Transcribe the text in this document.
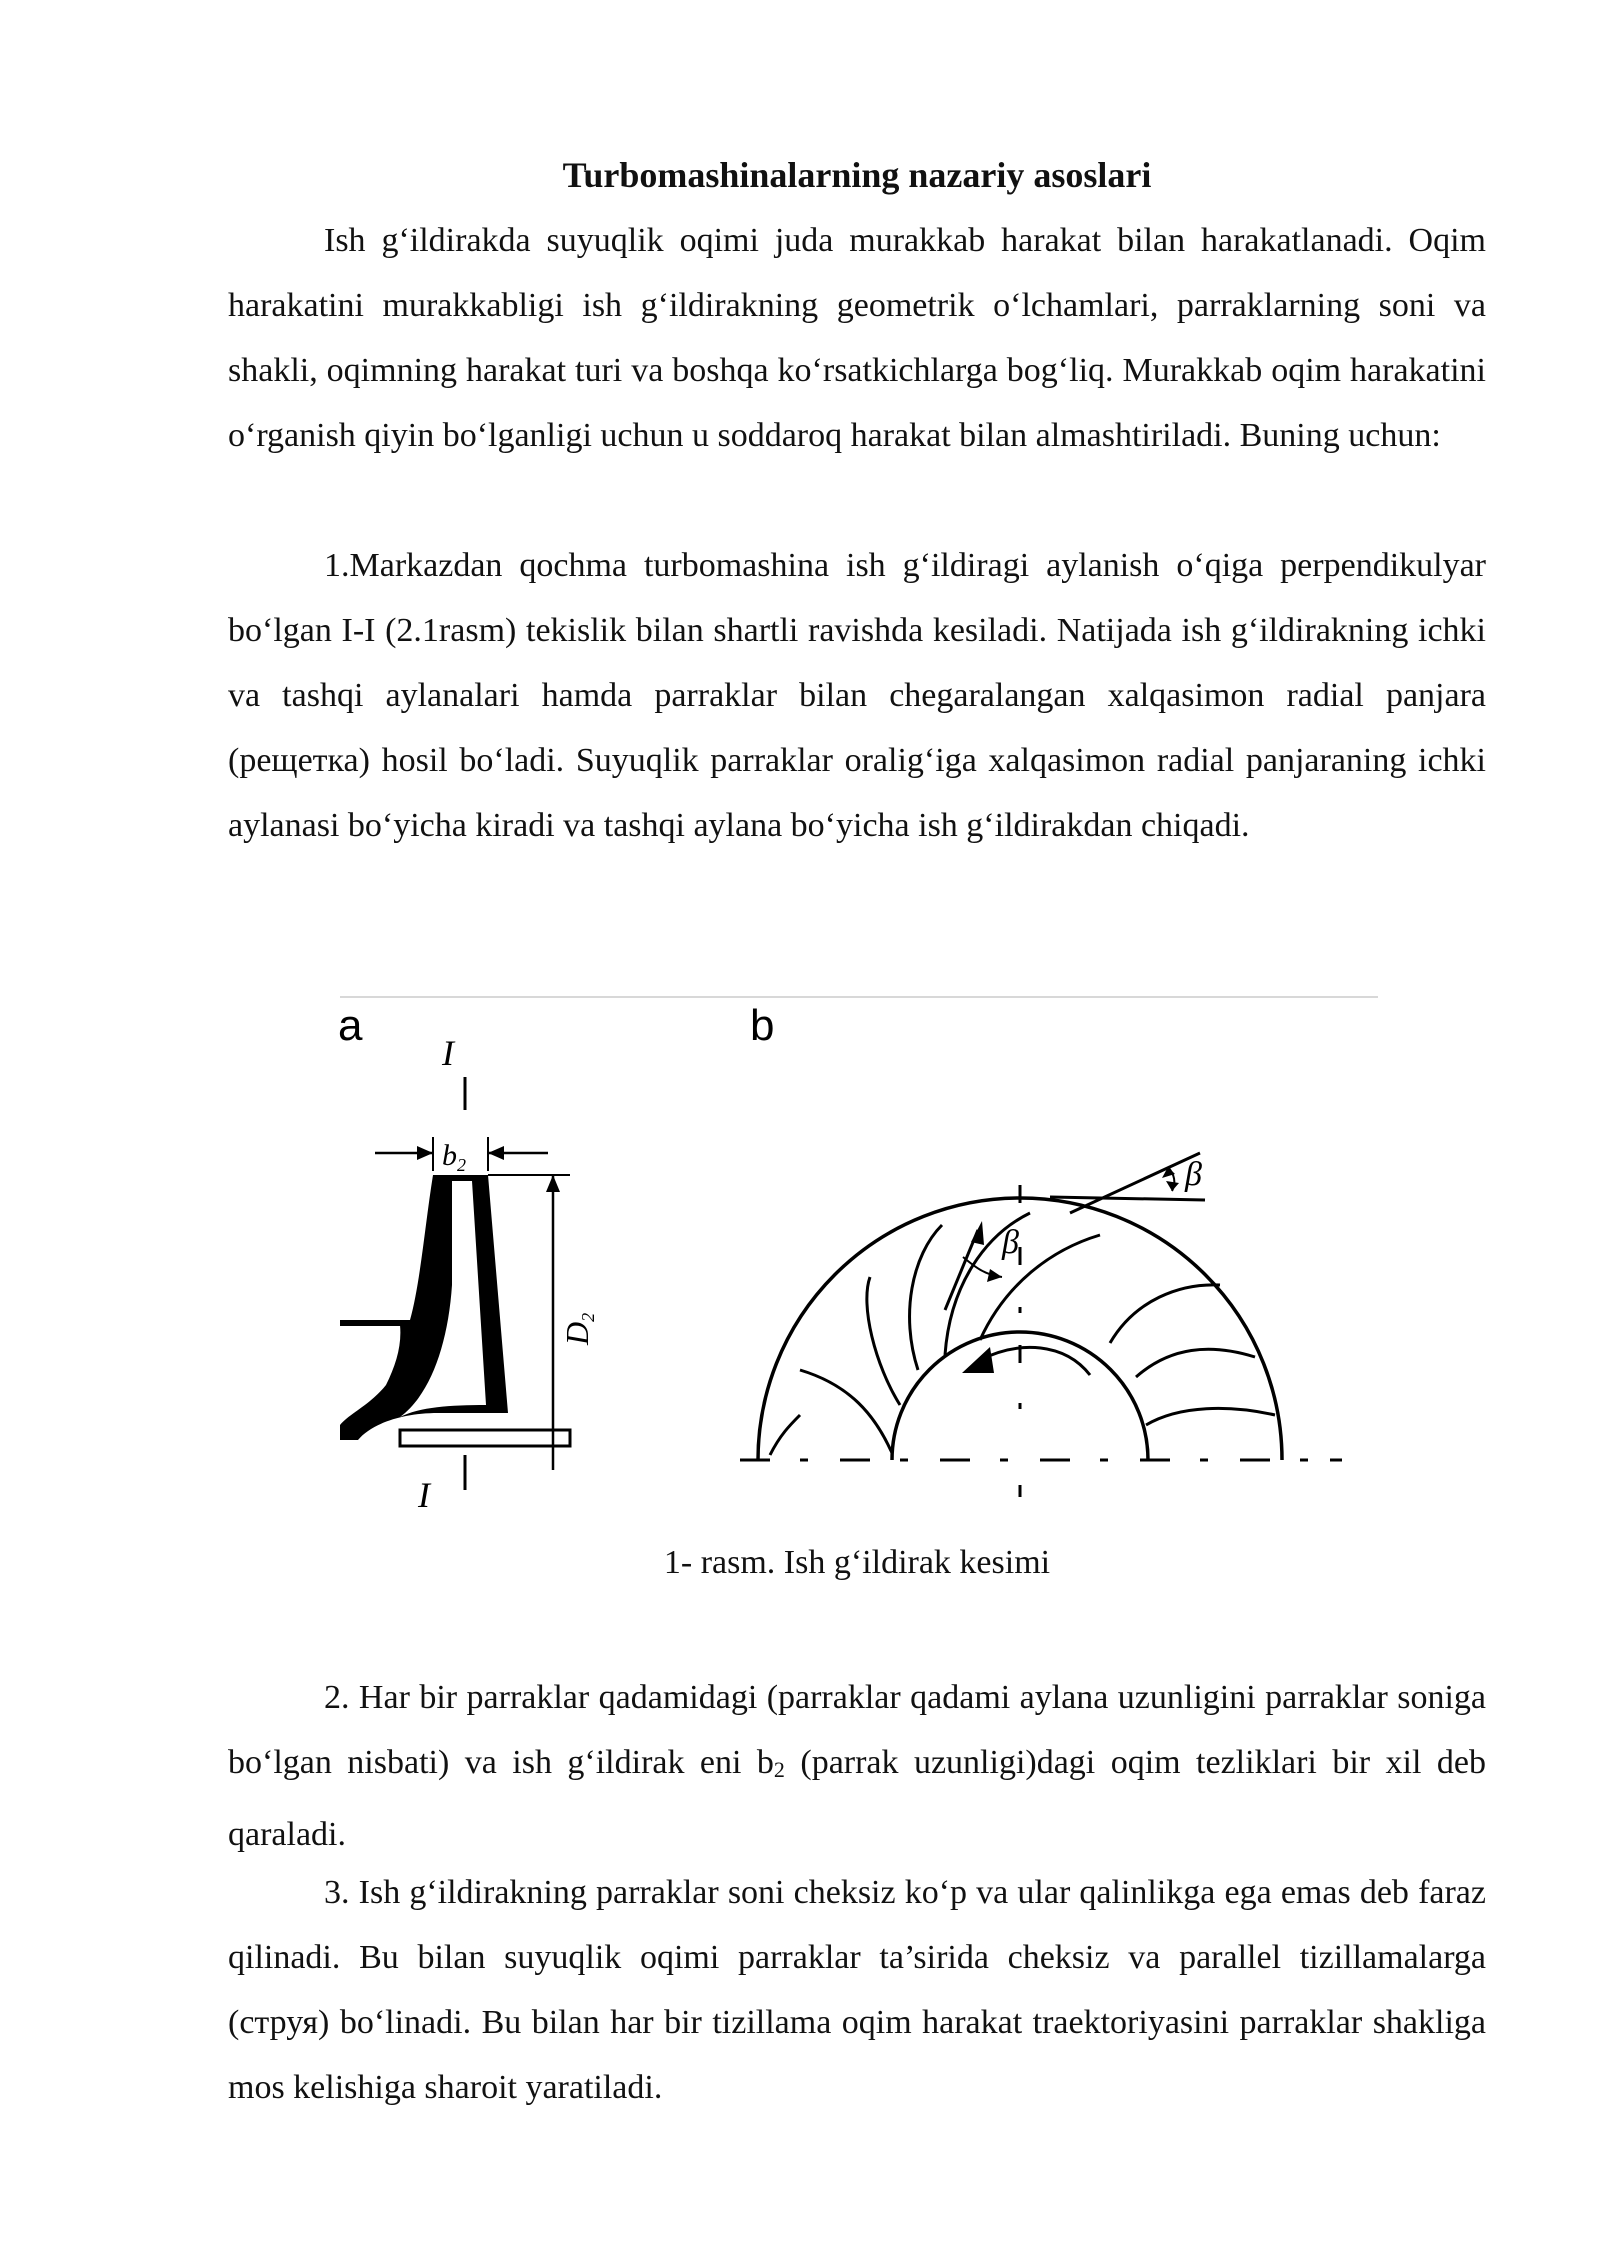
Turbomashinalarning nazariy asoslari

Ish g‘ildirakda suyuqlik oqimi juda murakkab harakat bilan harakatlanadi. Oqim harakatini murakkabligi ish g‘ildirakning geometrik o‘lchamlari, parraklarning soni va shakli, oqimning harakat turi va boshqa ko‘rsatkichlarga bog‘liq. Murakkab oqim harakatini o‘rganish qiyin bo‘lganligi uchun u soddaroq harakat bilan almashtiriladi. Buning uchun:

1.Markazdan qochma turbomashina ish g‘ildiragi aylanish o‘qiga perpendikulyar bo‘lgan I-I (2.1rasm) tekislik bilan shartli ravishda kesiladi. Natijada ish g‘ildirakning ichki va tashqi aylanalari hamda parraklar bilan chegaralangan xalqasimon radial panjara (рещетка) hosil bo‘ladi. Suyuqlik parraklar oralig‘iga xalqasimon radial panjaraning ichki aylanasi bo‘yicha kiradi va tashqi aylana bo‘yicha ish g‘ildirakdan chiqadi.

a
I
$b_2$
D2
I
b
β
β

1- rasm. Ish g‘ildirak kesimi

2. Har bir parraklar qadamidagi (parraklar qadami aylana uzunligini parraklar soniga bo‘lgan nisbati) va ish g‘ildirak eni b2 (parrak uzunligi)dagi oqim tezliklari bir xil deb qaraladi.

3. Ish g‘ildirakning parraklar soni cheksiz ko‘p va ular qalinlikga ega emas deb faraz qilinadi. Bu bilan suyuqlik oqimi parraklar ta’sirida cheksiz va parallel tizillamalarga (струя) bo‘linadi. Bu bilan har bir tizillama oqim harakat traektoriyasini parraklar shakliga mos kelishiga sharoit yaratiladi.
